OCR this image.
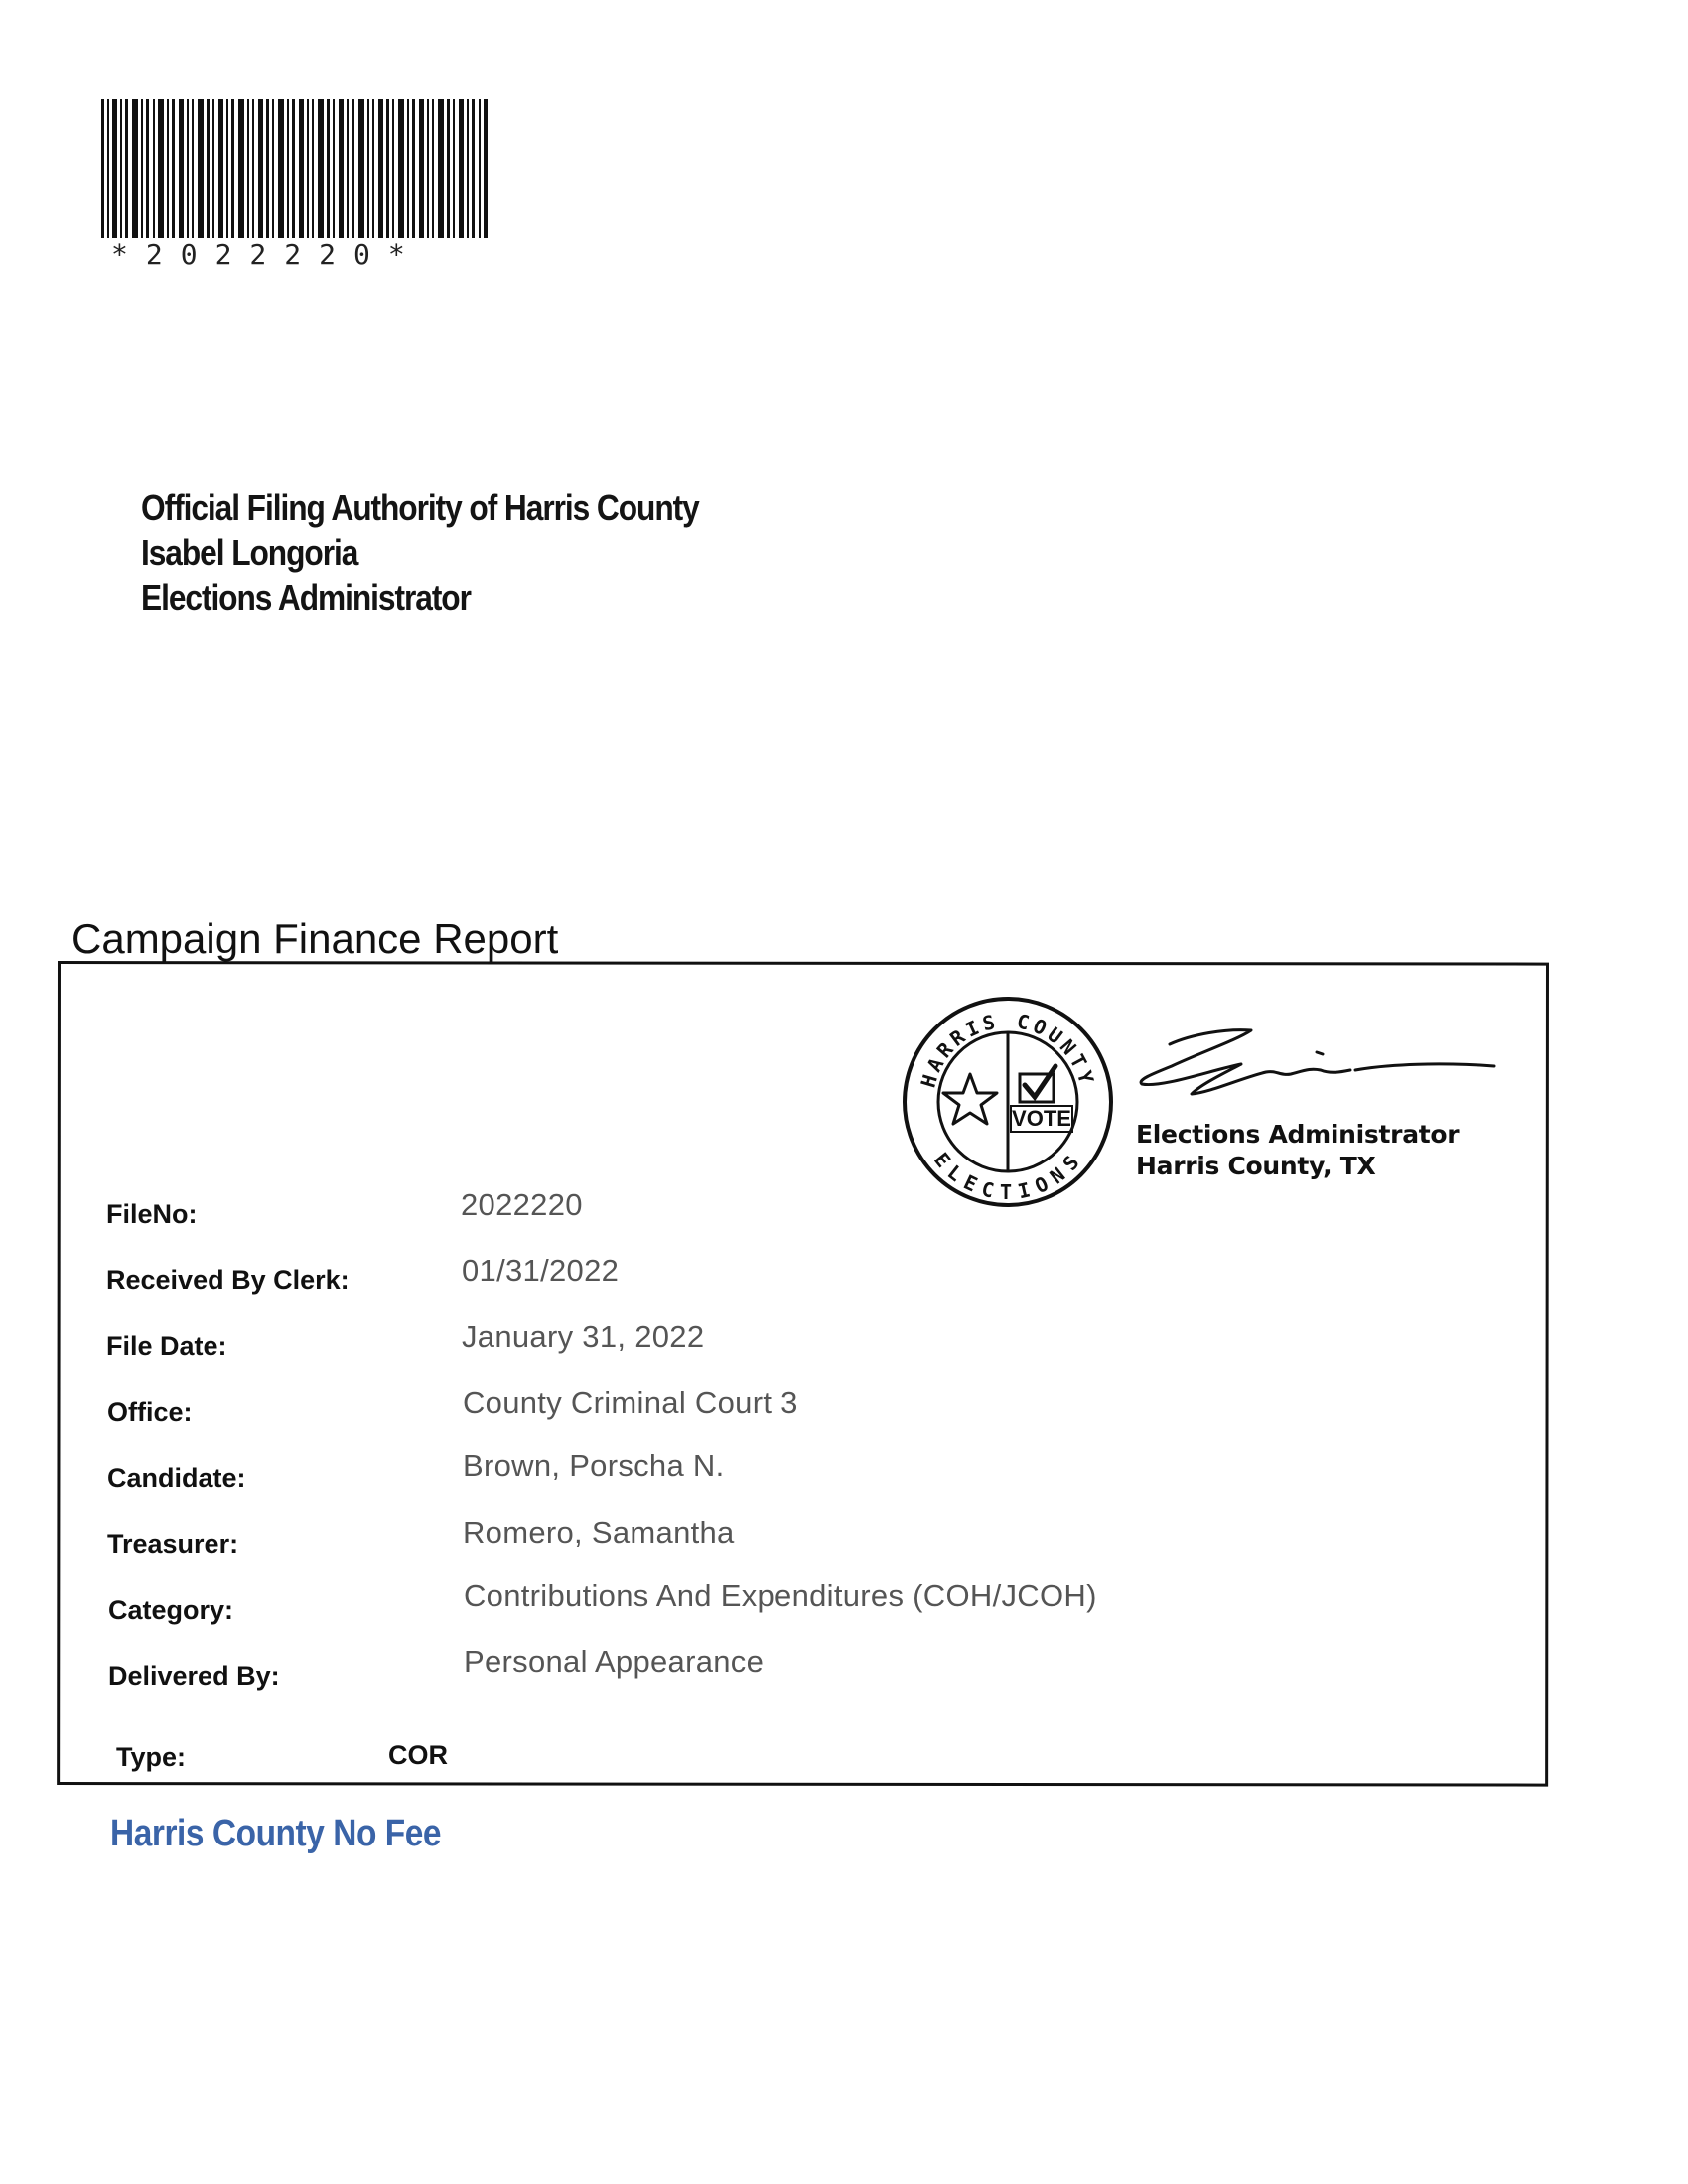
*2022220*
Official Filing Authority of Harris County
Isabel Longoria
Elections Administrator
Campaign Finance Report
HARRIS COUNTY
ELECTIONS
VOTE
Elections Administrator
Harris County, TX
FileNo:	2022220
Received By Clerk:	01/31/2022
File Date:	January 31, 2022
Office:	County Criminal Court 3
Candidate:	Brown, Porscha N.
Treasurer:	Romero, Samantha
Category:	Contributions And Expenditures (COH/JCOH)
Delivered By:	Personal Appearance
Type:	COR
Harris County No Fee
